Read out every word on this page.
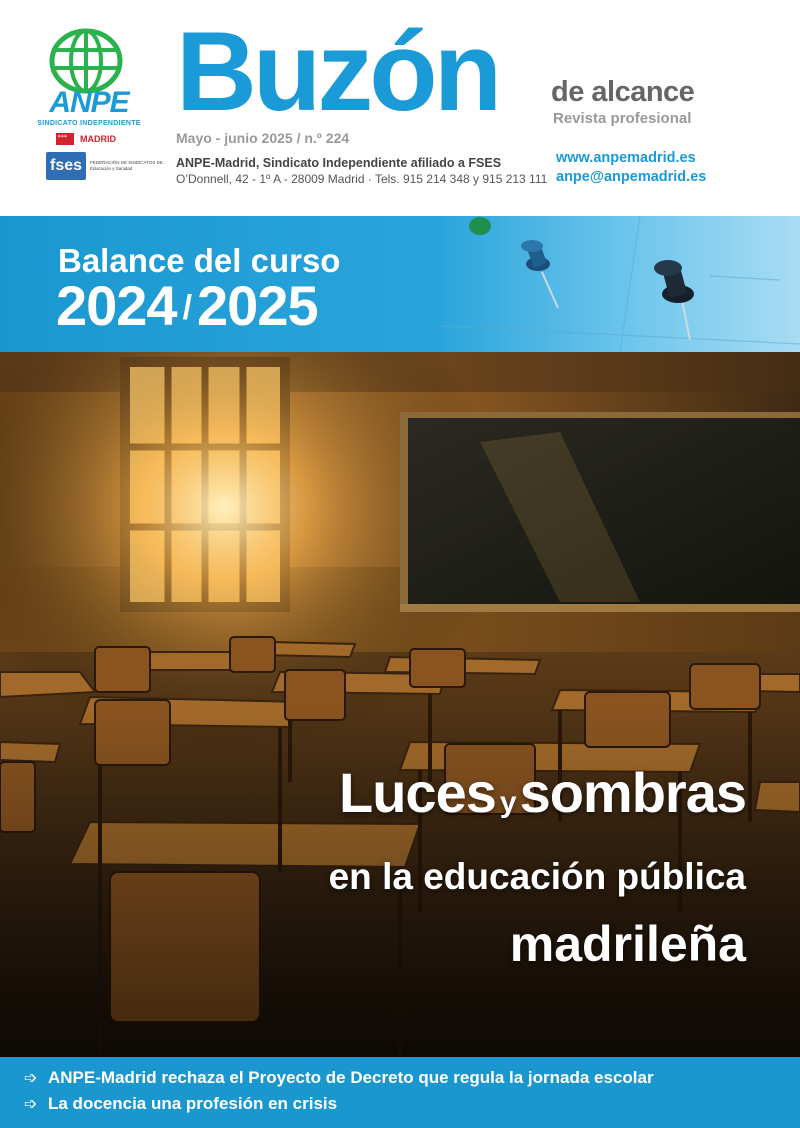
ANPE
SINDICATO INDEPENDIENTE
✶✶✶
MADRID
fses	FEDERACIÓN DE SINDICATOS DE Educación y Sanidad
Buzón de alcance
Revista profesional
Mayo - junio 2025 / n.º 224
ANPE-Madrid, Sindicato Independiente afiliado a FSES
O’Donnell, 42 - 1º A - 28009 Madrid · Tels. 915 214 348 y 915 213 111
www.anpemadrid.es
anpe@anpemadrid.es
Balance del curso
2024 / 2025
Luces ysombras
en la educación pública
madrileña
➩ ANPE-Madrid rechaza el Proyecto de Decreto que regula la jornada escolar
➩ La docencia una profesión en crisis
